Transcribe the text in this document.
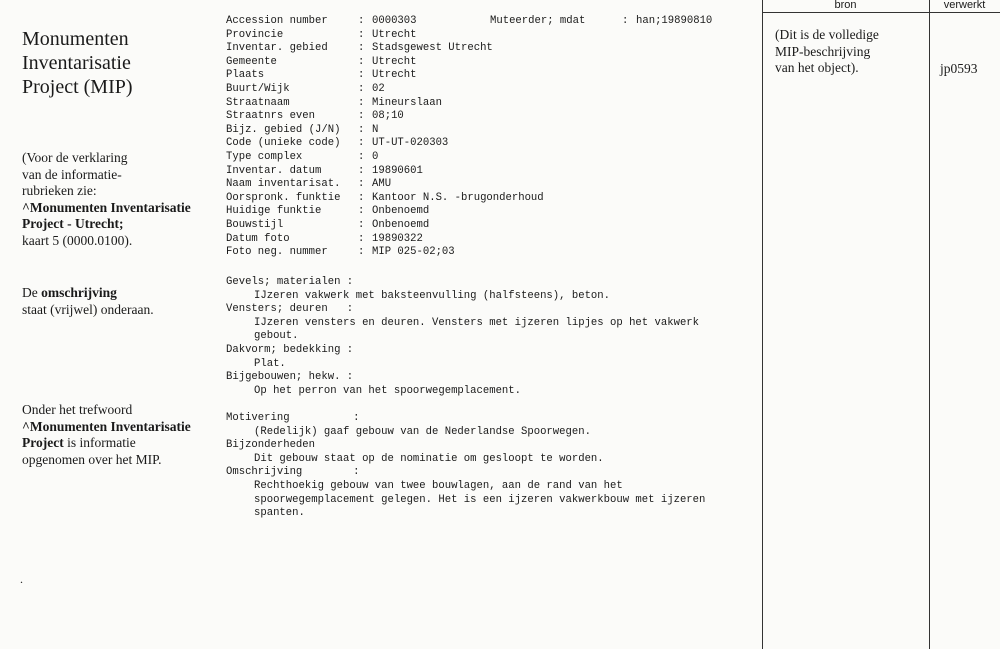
Monumenten
Inventarisatie
Project (MIP)
(Voor de verklaring
van de informatie-
rubrieken zie:
^Monumenten Inventarisatie
Project - Utrecht;
kaart 5 (0000.0100).
De omschrijving
staat (vrijwel) onderaan.
Onder het trefwoord
^Monumenten Inventarisatie
Project is informatie
opgenomen over het MIP.
.
Accession number	: 0000303
Provincie	: Utrecht
Inventar. gebied	: Stadsgewest Utrecht
Gemeente	: Utrecht
Plaats	: Utrecht
Buurt/Wijk	: 02
Straatnaam	: Mineurslaan
Straatnrs even	: 08;10
Bijz. gebied (J/N) : N
Code (unieke code) : UT-UT-020303
Type complex	: 0
Inventar. datum	: 19890601
Naam inventarisat. : AMU
Oorspronk. funktie : Kantoor N.S. -brugonderhoud
Huidige funktie	: Onbenoemd
Bouwstijl	: Onbenoemd
Datum foto	: 19890322
Foto neg. nummer	: MIP 025-02;03
Muteerder; mdat	: han;19890810
Gevels; materialen :
IJzeren vakwerk met baksteenvulling (halfsteens), beton.
Vensters; deuren   :
IJzeren vensters en deuren. Vensters met ijzeren lipjes op het vakwerk
gebout.
Dakvorm; bedekking :
Plat.
Bijgebouwen; hekw. :
Op het perron van het spoorwegemplacement.
Motivering          :
(Redelijk) gaaf gebouw van de Nederlandse Spoorwegen.
Bijzonderheden
Dit gebouw staat op de nominatie om gesloopt te worden.
Omschrijving        :
Rechthoekig gebouw van twee bouwlagen, aan de rand van het
spoorwegemplacement gelegen. Het is een ijzeren vakwerkbouw met ijzeren
spanten.
bron	verwerkt
(Dit is de volledige
MIP-beschrijving
van het object).	jp0593
